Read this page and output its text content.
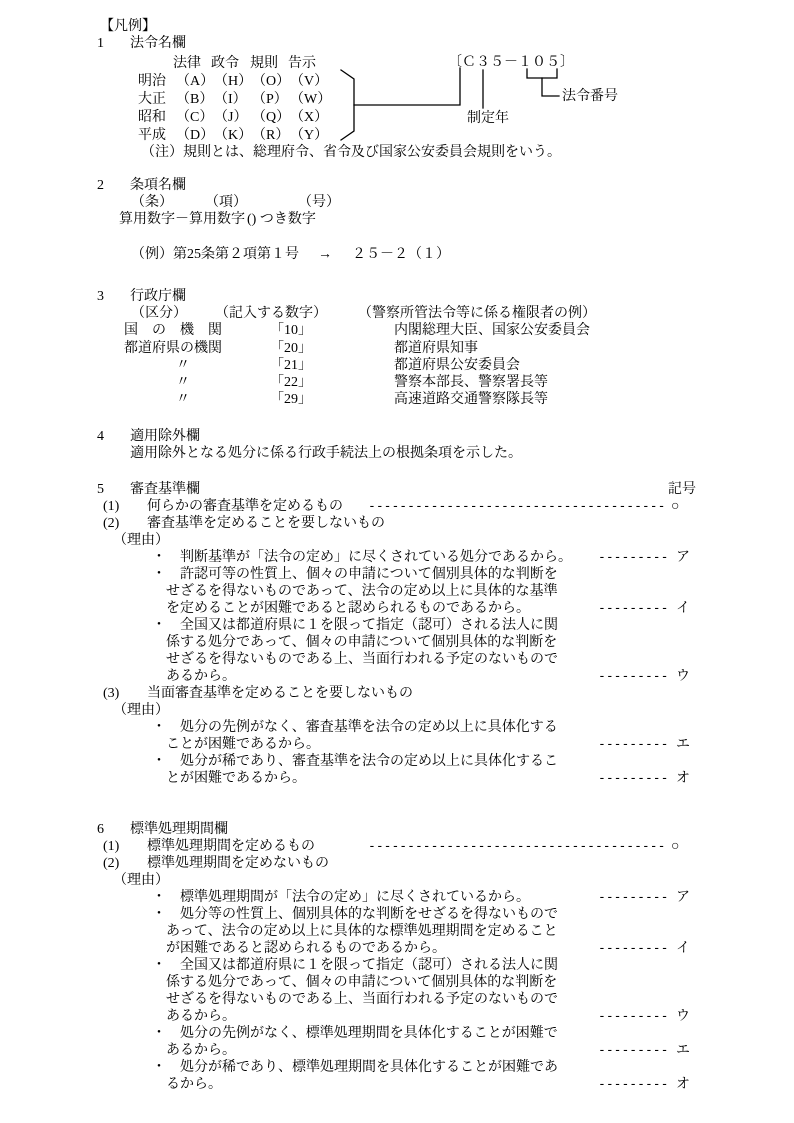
【凡例】
1 法令名欄
法律 政令 規則 告示
明治 （A） （H） （O） （V）
大正 （B） （I） （P） （W）
昭和 （C） （J） （Q） （X）
平成 （D） （K） （R） （Y）
〔Ｃ３５－１０５〕
制定年
法令番号
（注）規則とは、総理府令、省令及び国家公安委員会規則をいう。
2 条項名欄
（条） （項）	（号）
算用数字－算用数字 () つき数字
（例）第25条第２項第１号 → ２５－２（１）
3 行政庁欄
（区分） （記入する数字） （警察所管法令等に係る権限者の例）
国　の　機　関	「10」	内閣総理大臣、国家公安委員会
都道府県の機関	「20」	都道府県知事
〃	「21」	都道府県公安委員会
〃	「22」	警察本部長、警察署長等
〃	「29」	高速道路交通警察隊長等
4 適用除外欄
適用除外となる処分に係る行政手続法上の根拠条項を示した。
5 審査基準欄	記号
(1) 何らかの審査基準を定めるもの -------------------------------------- ○
(2) 審査基準を定めることを要しないもの
（理由）
・ 判断基準が「法令の定め」に尽くされている処分であるから。 --------- ア
・ 許認可等の性質上、個々の申請について個別具体的な判断を
せざるを得ないものであって、法令の定め以上に具体的な基準
を定めることが困難であると認められるものであるから。	--------- イ
・ 全国又は都道府県に１を限って指定（認可）される法人に関
係する処分であって、個々の申請について個別具体的な判断を
せざるを得ないものである上、当面行われる予定のないもので
あるから。	--------- ウ
(3) 当面審査基準を定めることを要しないもの
（理由）
・ 処分の先例がなく、審査基準を法令の定め以上に具体化する
ことが困難であるから。	--------- エ
・ 処分が稀であり、審査基準を法令の定め以上に具体化するこ
とが困難であるから。	--------- オ
6 標準処理期間欄
(1) 標準処理期間を定めるもの	-------------------------------------- ○
(2) 標準処理期間を定めないもの
（理由）
・ 標準処理期間が「法令の定め」に尽くされているから。	--------- ア
・ 処分等の性質上、個別具体的な判断をせざるを得ないもので
あって、法令の定め以上に具体的な標準処理期間を定めること
が困難であると認められるものであるから。	--------- イ
・ 全国又は都道府県に１を限って指定（認可）される法人に関
係する処分であって、個々の申請について個別具体的な判断を
せざるを得ないものである上、当面行われる予定のないもので
あるから。	--------- ウ
・ 処分の先例がなく、標準処理期間を具体化することが困難で
あるから。	--------- エ
・ 処分が稀であり、標準処理期間を具体化することが困難であ
るから。	--------- オ
